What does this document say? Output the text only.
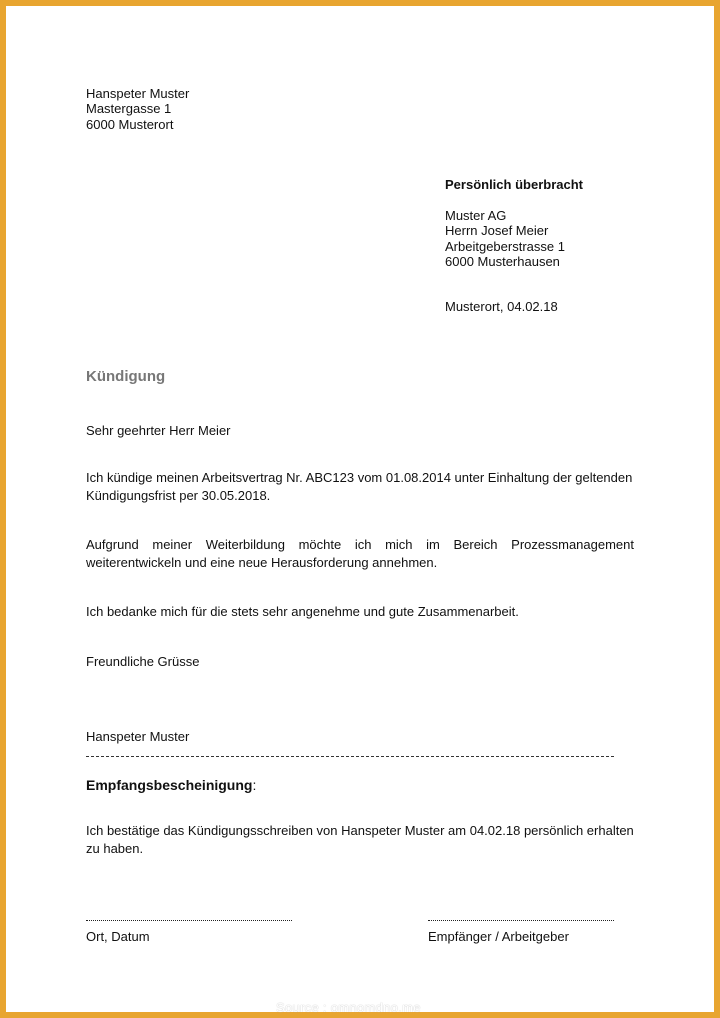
Hanspeter Muster

Mastergasse 1

6000 Musterort

Persönlich überbracht

Muster AG

Herrn Josef Meier

Arbeitgeberstrasse 1

6000 Musterhausen

Musterort, 04.02.18

Kündigung

Sehr geehrter Herr Meier

Ich kündige meinen Arbeitsvertrag Nr. ABC123 vom 01.08.2014 unter Einhaltung der geltenden Kündigungsfrist per 30.05.2018.

Aufgrund meiner Weiterbildung möchte ich mich im Bereich Prozessmanagement weiterentwickeln und eine neue Herausforderung annehmen.

Ich bedanke mich für die stets sehr angenehme und gute Zusammenarbeit.

Freundliche Grüsse

Hanspeter Muster

Empfangsbescheinigung:

Ich bestätige das Kündigungsschreiben von Hanspeter Muster am 04.02.18 persönlich erhalten zu haben.

Ort, Datum	Empfänger / Arbeitgeber

Source : omnomdno.me
